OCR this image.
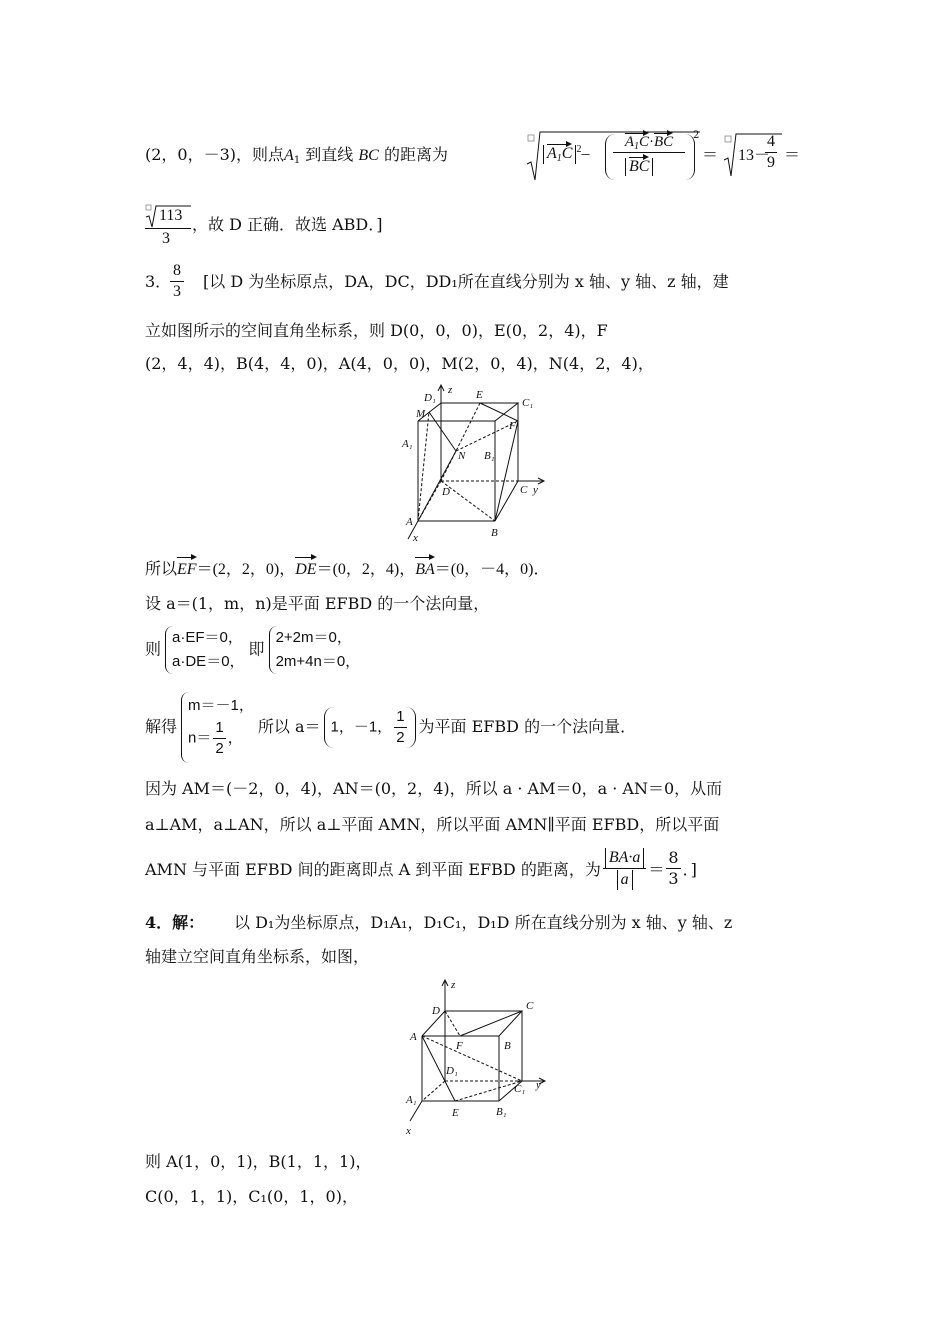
(2，0，－3)，则点$A_1$ 到直线 BC 的距离为	$A_1C$ $^2$–
$A_1C\cdot BC$
BC
2
＝ 13－
4
9 ＝
113
3
，故 D 正确．故选 ABD．]
3．
8
3
[以 D 为坐标原点，DA，DC，DD₁所在直线分别为 x 轴、y 轴、z 轴，建
立如图所示的空间直角坐标系，则 D(0，0，0)，E(0，2，4)，F
(2，4，4)，B(4，4，0)，A(4，0，0)，M(2，0，4)，N(4，2，4)，
z
D₁	E
C₁
M
F
A₁
N B₁
D	C y
A
B
x
所以EF＝(2，2，0)，DE＝(0，2，4)，BA＝(0，－4，0)．
设 a＝(1，m，n)是平面 EFBD 的一个法向量，
则
a·EF＝0，
a·DE＝0，
即
2+2m＝0，
2m+4n＝0，
解得
m＝－1，
$n= \frac{1}{2}$ ，
所以 a＝ 1，－1， $\frac{1}{2}$ 为平面 EFBD 的一个法向量．
因为 AM＝(－2，0，4)，AN＝(0，2，4)，所以 a · AM＝0，a · AN＝0，从而
a⊥AM，a⊥AN，所以 a⊥平面 AMN，所以平面 AMN∥平面 EFBD，所以平面
AMN 与平面 EFBD 间的距离即点 A 到平面 EFBD 的距离，为 $\frac{BA\cdot a}{a} = \frac{8}{3}$ ．]
4．解： 以 D₁为坐标原点，D₁A₁，D₁C₁，D₁D 所在直线分别为 x 轴、y 轴、z
轴建立空间直角坐标系，如图，
z
D	C
A
F	B
D₁
C₁ y
A₁
E	B₁
x
则 A(1，0，1)，B(1，1，1)，
C(0，1，1)，C₁(0，1，0)，
